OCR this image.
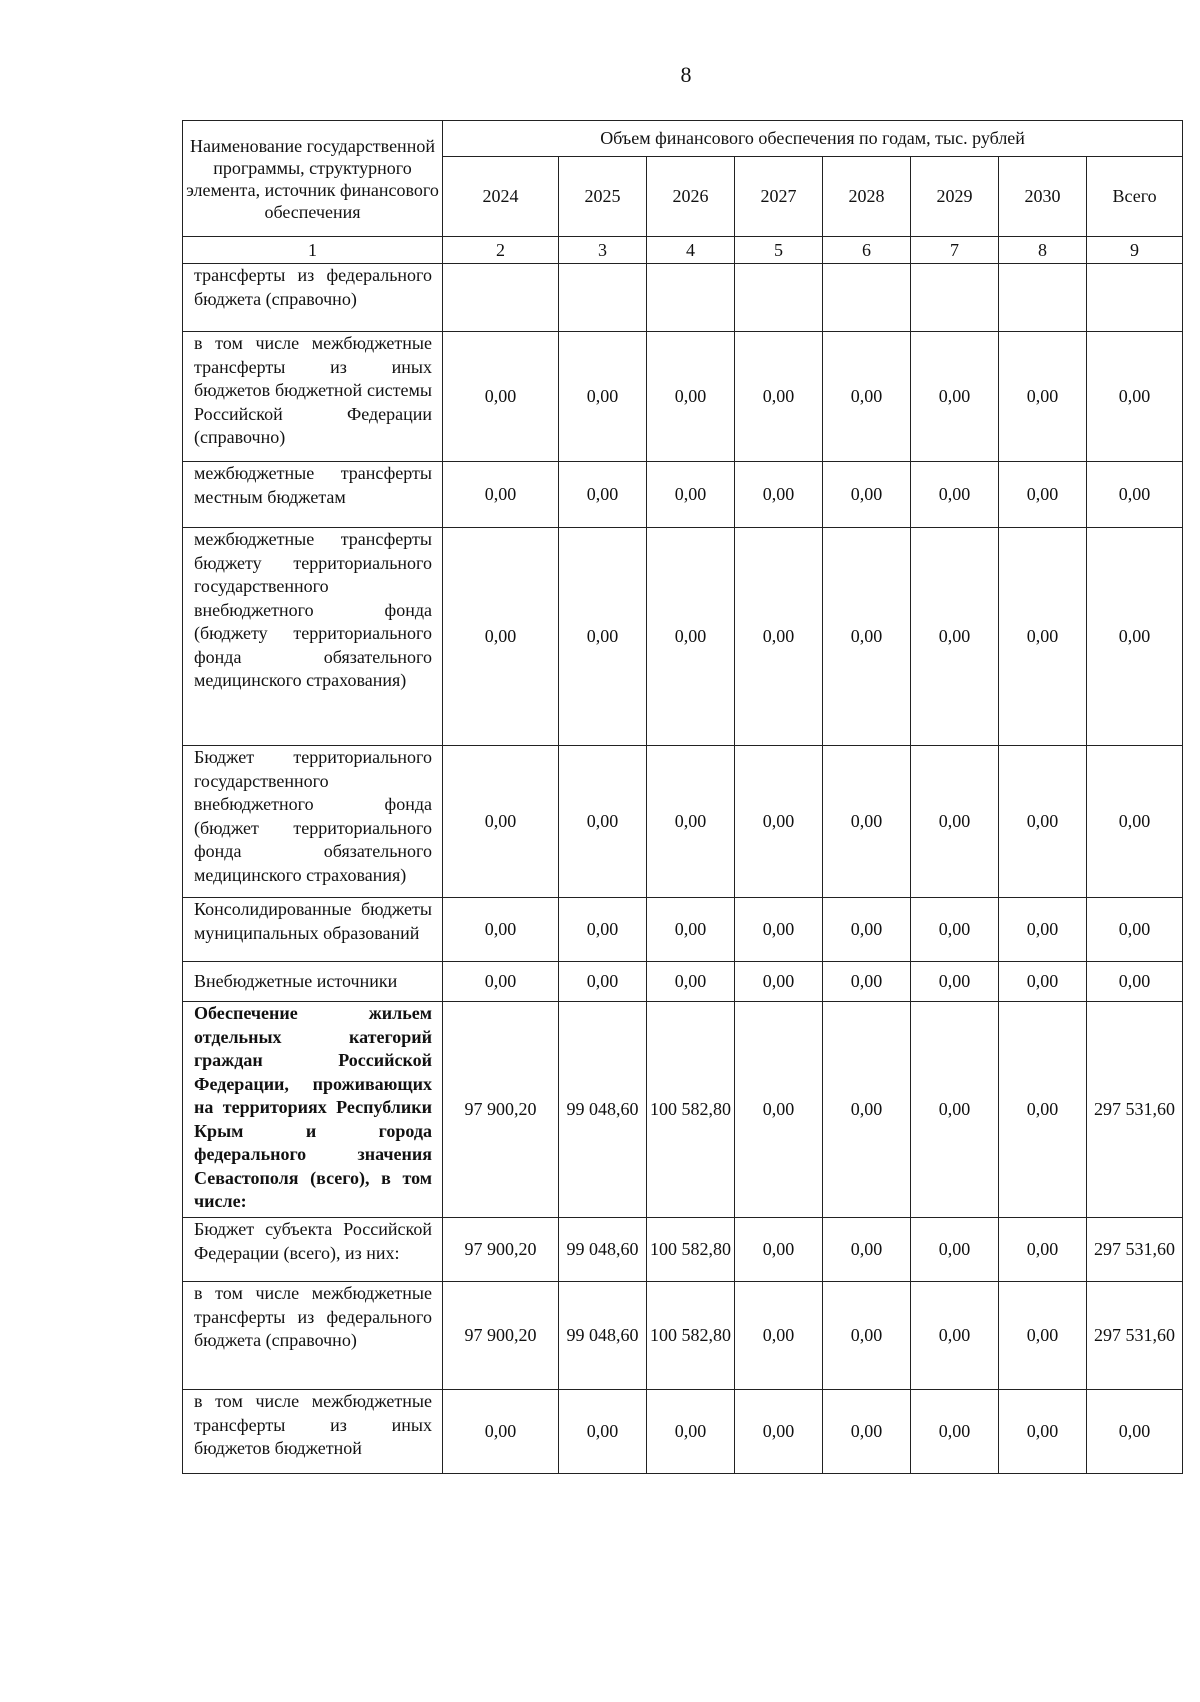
8
Наименование государственной программы, структурного элемента, источник финансового обеспечения	Объем финансового обеспечения по годам, тыс. рублей							
	2024	2025	2026	2027	2028	2029	2030	Всего
1	2	3	4	5	6	7	8	9
трансферты из федерального бюджета (справочно)								
в том числе межбюджетные трансферты из иных бюджетов бюджетной системы Российской Федерации (справочно)	0,00	0,00	0,00	0,00	0,00	0,00	0,00	0,00
межбюджетные трансферты местным бюджетам	0,00	0,00	0,00	0,00	0,00	0,00	0,00	0,00
межбюджетные трансферты бюджету территориального государственного внебюджетного фонда (бюджету территориального фонда обязательного медицинского страхования)	0,00	0,00	0,00	0,00	0,00	0,00	0,00	0,00
Бюджет территориального государственного внебюджетного фонда (бюджет территориального фонда обязательного медицинского страхования)	0,00	0,00	0,00	0,00	0,00	0,00	0,00	0,00
Консолидированные бюджеты муниципальных образований	0,00	0,00	0,00	0,00	0,00	0,00	0,00	0,00
Внебюджетные источники	0,00	0,00	0,00	0,00	0,00	0,00	0,00	0,00
Обеспечение жильем отдельных категорий граждан Российской Федерации, проживающих на территориях Республики Крым и города федерального значения Севастополя (всего), в том числе:	97 900,20	99 048,60	100 582,80	0,00	0,00	0,00	0,00	297 531,60
Бюджет субъекта Российской Федерации (всего), из них:	97 900,20	99 048,60	100 582,80	0,00	0,00	0,00	0,00	297 531,60
в том числе межбюджетные трансферты из федерального бюджета (справочно)	97 900,20	99 048,60	100 582,80	0,00	0,00	0,00	0,00	297 531,60
в том числе межбюджетные трансферты из иных бюджетов бюджетной	0,00	0,00	0,00	0,00	0,00	0,00	0,00	0,00
